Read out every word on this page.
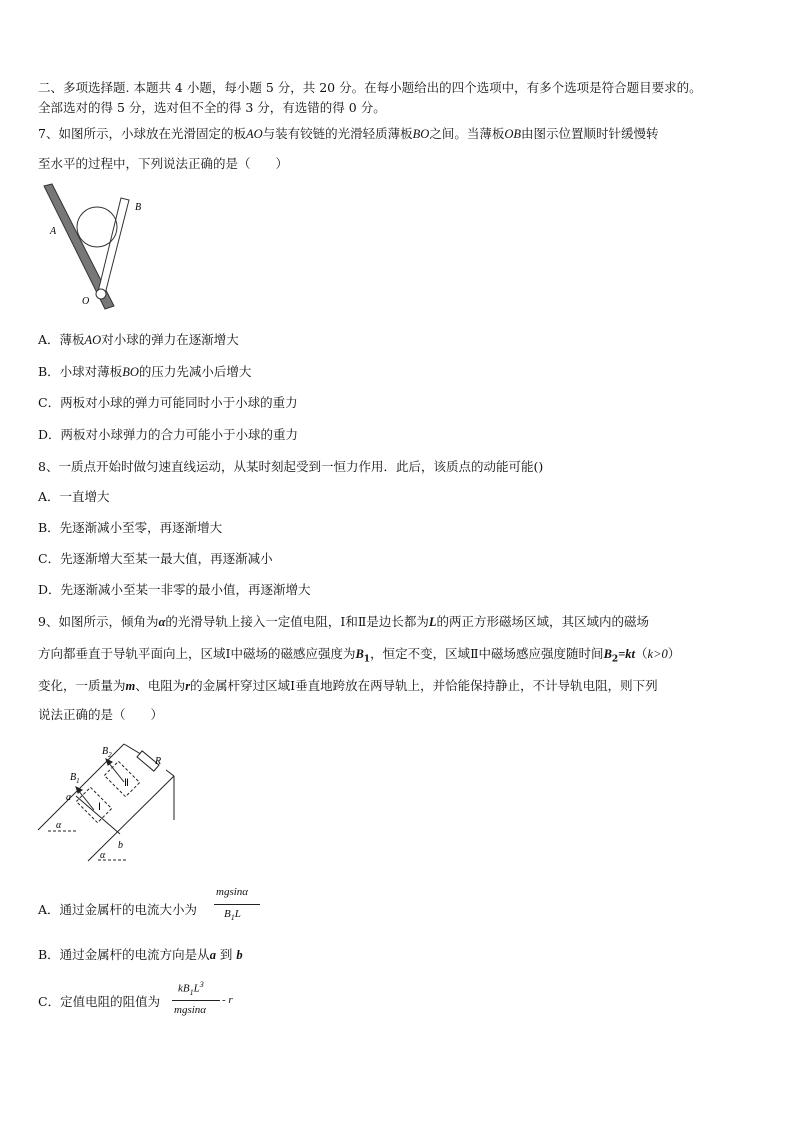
二、多项选择题. 本题共 4 小题，每小题 5 分，共 20 分。在每小题给出的四个选项中，有多个选项是符合题目要求的。
全部选对的得 5 分，选对但不全的得 3 分，有选错的得 0 分。
7、如图所示，小球放在光滑固定的板AO与装有铰链的光滑轻质薄板BO之间。当薄板OB由图示位置顺时针缓慢转
至水平的过程中，下列说法正确的是（　　）
A
B
O
A．薄板AO对小球的弹力在逐渐增大
B．小球对薄板BO的压力先减小后增大
C．两板对小球的弹力可能同时小于小球的重力
D．两板对小球弹力的合力可能小于小球的重力
8、一质点开始时做匀速直线运动，从某时刻起受到一恒力作用．此后，该质点的动能可能()
A．一直增大
B．先逐渐减小至零，再逐渐增大
C．先逐渐增大至某一最大值，再逐渐减小
D．先逐渐减小至某一非零的最小值，再逐渐增大
9、如图所示，倾角为α的光滑导轨上接入一定值电阻，Ⅰ和Ⅱ是边长都为L的两正方形磁场区域，其区域内的磁场
方向都垂直于导轨平面向上，区域Ⅰ中磁场的磁感应强度为$B_1$，恒定不变，区域Ⅱ中磁场感应强度随时间$B_2=kt(k>0)$
变化，一质量为m、电阻为r的金属杆穿过区域Ⅰ垂直地跨放在两导轨上，并恰能保持静止，不计导轨电阻，则下列
说法正确的是（　　）
$B_2$
$B_1$
R
Ⅱ
Ⅰ
a
b
α
α
A．通过金属杆的电流大小为
mgsinα
$B_1L$
B．通过金属杆的电流方向是从a 到 b
C．定值电阻的阻值为
$kB_1L^3$
mgsinα
- r
